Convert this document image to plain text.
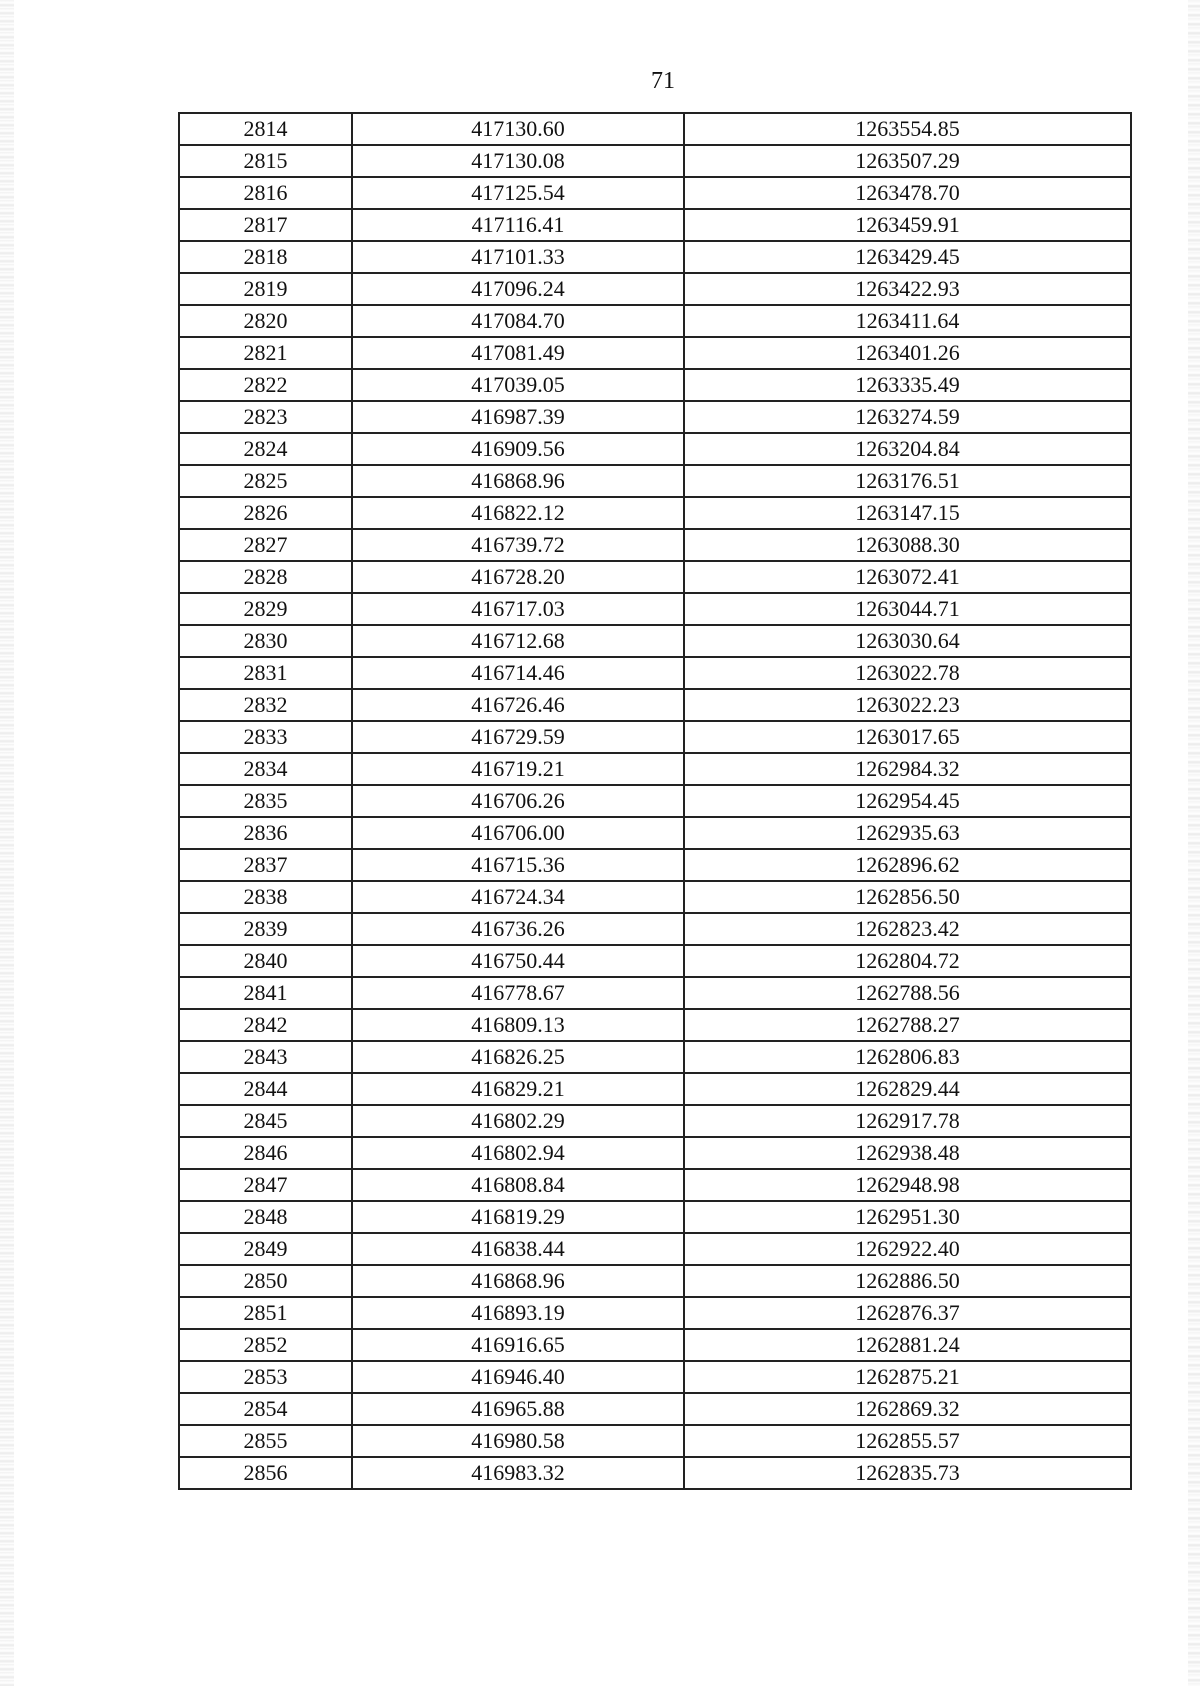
71
2814	417130.60	1263554.85
2815	417130.08	1263507.29
2816	417125.54	1263478.70
2817	417116.41	1263459.91
2818	417101.33	1263429.45
2819	417096.24	1263422.93
2820	417084.70	1263411.64
2821	417081.49	1263401.26
2822	417039.05	1263335.49
2823	416987.39	1263274.59
2824	416909.56	1263204.84
2825	416868.96	1263176.51
2826	416822.12	1263147.15
2827	416739.72	1263088.30
2828	416728.20	1263072.41
2829	416717.03	1263044.71
2830	416712.68	1263030.64
2831	416714.46	1263022.78
2832	416726.46	1263022.23
2833	416729.59	1263017.65
2834	416719.21	1262984.32
2835	416706.26	1262954.45
2836	416706.00	1262935.63
2837	416715.36	1262896.62
2838	416724.34	1262856.50
2839	416736.26	1262823.42
2840	416750.44	1262804.72
2841	416778.67	1262788.56
2842	416809.13	1262788.27
2843	416826.25	1262806.83
2844	416829.21	1262829.44
2845	416802.29	1262917.78
2846	416802.94	1262938.48
2847	416808.84	1262948.98
2848	416819.29	1262951.30
2849	416838.44	1262922.40
2850	416868.96	1262886.50
2851	416893.19	1262876.37
2852	416916.65	1262881.24
2853	416946.40	1262875.21
2854	416965.88	1262869.32
2855	416980.58	1262855.57
2856	416983.32	1262835.73
